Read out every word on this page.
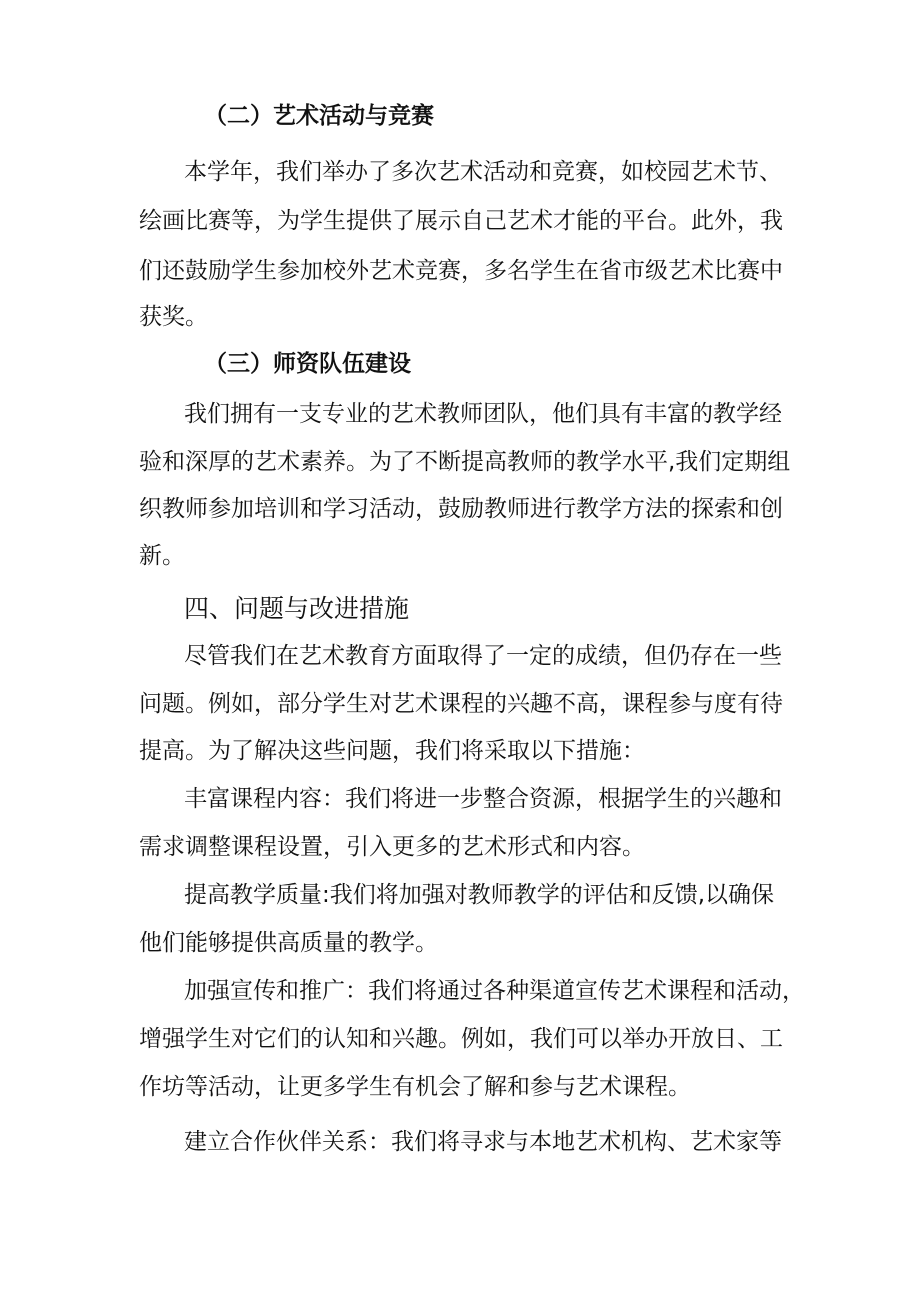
（二）艺术活动与竞赛
本学年，我们举办了多次艺术活动和竞赛，如校园艺术节、
绘画比赛等，为学生提供了展示自己艺术才能的平台。此外，我
们还鼓励学生参加校外艺术竞赛，多名学生在省市级艺术比赛中
获奖。
（三）师资队伍建设
我们拥有一支专业的艺术教师团队，他们具有丰富的教学经
验和深厚的艺术素养。为了不断提高教师的教学水平,我们定期组
织教师参加培训和学习活动，鼓励教师进行教学方法的探索和创
新。
四、问题与改进措施
尽管我们在艺术教育方面取得了一定的成绩，但仍存在一些
问题。例如，部分学生对艺术课程的兴趣不高，课程参与度有待
提高。为了解决这些问题，我们将采取以下措施：
丰富课程内容：我们将进一步整合资源，根据学生的兴趣和
需求调整课程设置，引入更多的艺术形式和内容。
提高教学质量:我们将加强对教师教学的评估和反馈,以确保
他们能够提供高质量的教学。
加强宣传和推广：我们将通过各种渠道宣传艺术课程和活动，
增强学生对它们的认知和兴趣。例如，我们可以举办开放日、工
作坊等活动，让更多学生有机会了解和参与艺术课程。
建立合作伙伴关系：我们将寻求与本地艺术机构、艺术家等
